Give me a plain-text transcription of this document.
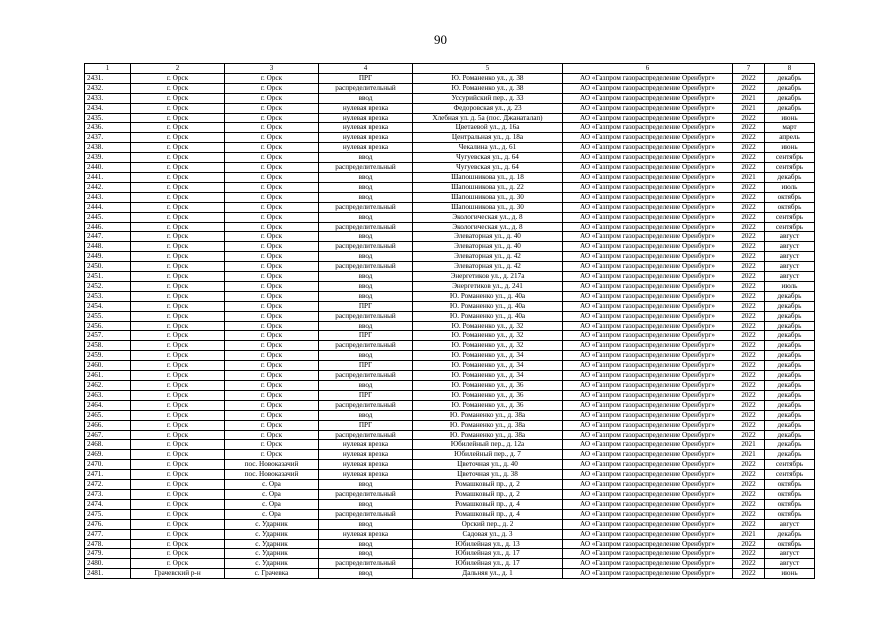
90
1	2	3	4	5	6	7	8
2431.	г. Орск	г. Орск	ПРГ	Ю. Романенко ул., д. 38	АО «Газпром газораспределение Оренбург»	2022	декабрь
2432.	г. Орск	г. Орск	распределительный	Ю. Романенко ул., д. 38	АО «Газпром газораспределение Оренбург»	2022	декабрь
2433.	г. Орск	г. Орск	ввод	Уссурийский пер., д. 33	АО «Газпром газораспределение Оренбург»	2021	декабрь
2434.	г. Орск	г. Орск	нулевая врезка	Федоровская ул., д. 23	АО «Газпром газораспределение Оренбург»	2021	декабрь
2435.	г. Орск	г. Орск	нулевая врезка	Хлебная ул. д. 5а (пос. Джанаталап)	АО «Газпром газораспределение Оренбург»	2022	июнь
2436.	г. Орск	г. Орск	нулевая врезка	Цветаевой ул., д. 16а	АО «Газпром газораспределение Оренбург»	2022	март
2437.	г. Орск	г. Орск	нулевая врезка	Центральная ул., д. 18а	АО «Газпром газораспределение Оренбург»	2022	апрель
2438.	г. Орск	г. Орск	нулевая врезка	Чекалина ул., д. 61	АО «Газпром газораспределение Оренбург»	2022	июнь
2439.	г. Орск	г. Орск	ввод	Чугуевская ул., д. 64	АО «Газпром газораспределение Оренбург»	2022	сентябрь
2440.	г. Орск	г. Орск	распределительный	Чугуевская ул., д. 64	АО «Газпром газораспределение Оренбург»	2022	сентябрь
2441.	г. Орск	г. Орск	ввод	Шапошникова ул., д. 18	АО «Газпром газораспределение Оренбург»	2021	декабрь
2442.	г. Орск	г. Орск	ввод	Шапошникова ул., д. 22	АО «Газпром газораспределение Оренбург»	2022	июль
2443.	г. Орск	г. Орск	ввод	Шапошникова ул., д. 30	АО «Газпром газораспределение Оренбург»	2022	октябрь
2444.	г. Орск	г. Орск	распределительный	Шапошникова ул., д. 30	АО «Газпром газораспределение Оренбург»	2022	октябрь
2445.	г. Орск	г. Орск	ввод	Экологическая ул., д. 8	АО «Газпром газораспределение Оренбург»	2022	сентябрь
2446.	г. Орск	г. Орск	распределительный	Экологическая ул., д. 8	АО «Газпром газораспределение Оренбург»	2022	сентябрь
2447.	г. Орск	г. Орск	ввод	Элеваторная ул., д. 40	АО «Газпром газораспределение Оренбург»	2022	август
2448.	г. Орск	г. Орск	распределительный	Элеваторная ул., д. 40	АО «Газпром газораспределение Оренбург»	2022	август
2449.	г. Орск	г. Орск	ввод	Элеваторная ул., д. 42	АО «Газпром газораспределение Оренбург»	2022	август
2450.	г. Орск	г. Орск	распределительный	Элеваторная ул., д. 42	АО «Газпром газораспределение Оренбург»	2022	август
2451.	г. Орск	г. Орск	ввод	Энергетиков ул., д. 217а	АО «Газпром газораспределение Оренбург»	2022	август
2452.	г. Орск	г. Орск	ввод	Энергетиков ул., д. 241	АО «Газпром газораспределение Оренбург»	2022	июль
2453.	г. Орск	г. Орск	ввод	Ю. Романенко ул., д. 40а	АО «Газпром газораспределение Оренбург»	2022	декабрь
2454.	г. Орск	г. Орск	ПРГ	Ю. Романенко ул., д. 40а	АО «Газпром газораспределение Оренбург»	2022	декабрь
2455.	г. Орск	г. Орск	распределительный	Ю. Романенко ул., д. 40а	АО «Газпром газораспределение Оренбург»	2022	декабрь
2456.	г. Орск	г. Орск	ввод	Ю. Романенко ул., д. 32	АО «Газпром газораспределение Оренбург»	2022	декабрь
2457.	г. Орск	г. Орск	ПРГ	Ю. Романенко ул., д. 32	АО «Газпром газораспределение Оренбург»	2022	декабрь
2458.	г. Орск	г. Орск	распределительный	Ю. Романенко ул., д. 32	АО «Газпром газораспределение Оренбург»	2022	декабрь
2459.	г. Орск	г. Орск	ввод	Ю. Романенко ул., д. 34	АО «Газпром газораспределение Оренбург»	2022	декабрь
2460.	г. Орск	г. Орск	ПРГ	Ю. Романенко ул., д. 34	АО «Газпром газораспределение Оренбург»	2022	декабрь
2461.	г. Орск	г. Орск	распределительный	Ю. Романенко ул., д. 34	АО «Газпром газораспределение Оренбург»	2022	декабрь
2462.	г. Орск	г. Орск	ввод	Ю. Романенко ул., д. 36	АО «Газпром газораспределение Оренбург»	2022	декабрь
2463.	г. Орск	г. Орск	ПРГ	Ю. Романенко ул., д. 36	АО «Газпром газораспределение Оренбург»	2022	декабрь
2464.	г. Орск	г. Орск	распределительный	Ю. Романенко ул., д. 36	АО «Газпром газораспределение Оренбург»	2022	декабрь
2465.	г. Орск	г. Орск	ввод	Ю. Романенко ул., д. 38а	АО «Газпром газораспределение Оренбург»	2022	декабрь
2466.	г. Орск	г. Орск	ПРГ	Ю. Романенко ул., д. 38а	АО «Газпром газораспределение Оренбург»	2022	декабрь
2467.	г. Орск	г. Орск	распределительный	Ю. Романенко ул., д. 38а	АО «Газпром газораспределение Оренбург»	2022	декабрь
2468.	г. Орск	г. Орск	нулевая врезка	Юбилейный пер., д. 12а	АО «Газпром газораспределение Оренбург»	2021	декабрь
2469.	г. Орск	г. Орск	нулевая врезка	Юбилейный пер., д. 7	АО «Газпром газораспределение Оренбург»	2021	декабрь
2470.	г. Орск	пос. Новоказачий	нулевая врезка	Цветочная ул., д. 40	АО «Газпром газораспределение Оренбург»	2022	сентябрь
2471.	г. Орск	пос. Новоказачий	нулевая врезка	Цветочная ул., д. 38	АО «Газпром газораспределение Оренбург»	2022	сентябрь
2472.	г. Орск	с. Ора	ввод	Ромашковый пр., д. 2	АО «Газпром газораспределение Оренбург»	2022	октябрь
2473.	г. Орск	с. Ора	распределительный	Ромашковый пр., д. 2	АО «Газпром газораспределение Оренбург»	2022	октябрь
2474.	г. Орск	с. Ора	ввод	Ромашковый пр., д. 4	АО «Газпром газораспределение Оренбург»	2022	октябрь
2475.	г. Орск	с. Ора	распределительный	Ромашковый пр., д. 4	АО «Газпром газораспределение Оренбург»	2022	октябрь
2476.	г. Орск	с. Ударник	ввод	Орский пер., д. 2	АО «Газпром газораспределение Оренбург»	2022	август
2477.	г. Орск	с. Ударник	нулевая врезка	Садовая ул., д. 3	АО «Газпром газораспределение Оренбург»	2021	декабрь
2478.	г. Орск	с. Ударник	ввод	Юбилейная ул., д. 13	АО «Газпром газораспределение Оренбург»	2022	октябрь
2479.	г. Орск	с. Ударник	ввод	Юбилейная ул., д. 17	АО «Газпром газораспределение Оренбург»	2022	август
2480.	г. Орск	с. Ударник	распределительный	Юбилейная ул., д. 17	АО «Газпром газораспределение Оренбург»	2022	август
2481.	Грачевский р-н	с. Грачевка	ввод	Дальняя ул., д. 1	АО «Газпром газораспределение Оренбург»	2022	июнь
